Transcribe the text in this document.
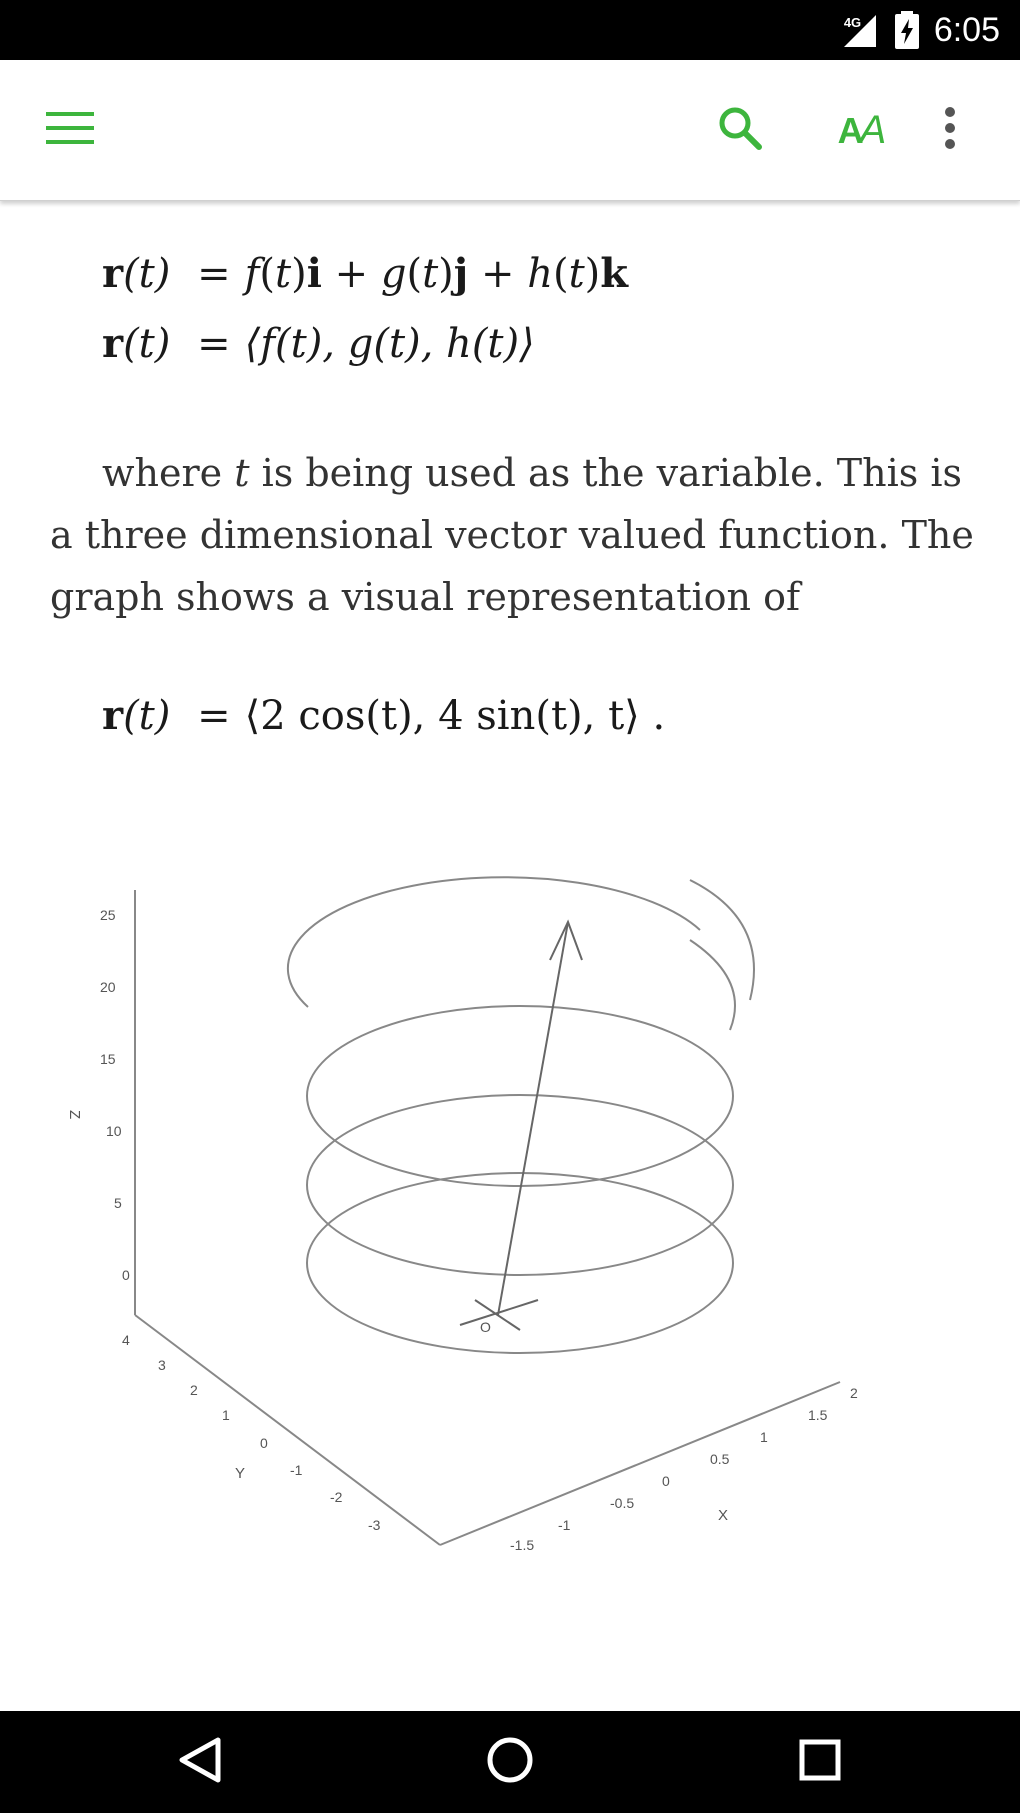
4G 6:05
AA
r(t) = f(t)i + g(t)j + h(t)k
r(t) = ⟨f(t), g(t), h(t)⟩
where t is being used as the variable. This is a three dimensional vector valued function. The graph shows a visual representation of
r(t) = ⟨2 cos(t), 4 sin(t), t⟩ .
O
25
20
15
10
5
0
Z
4
3
2
1
0
-1
-2
-3
Y
-1.5
-1
-0.5
0
0.5
1
1.5
2
X
